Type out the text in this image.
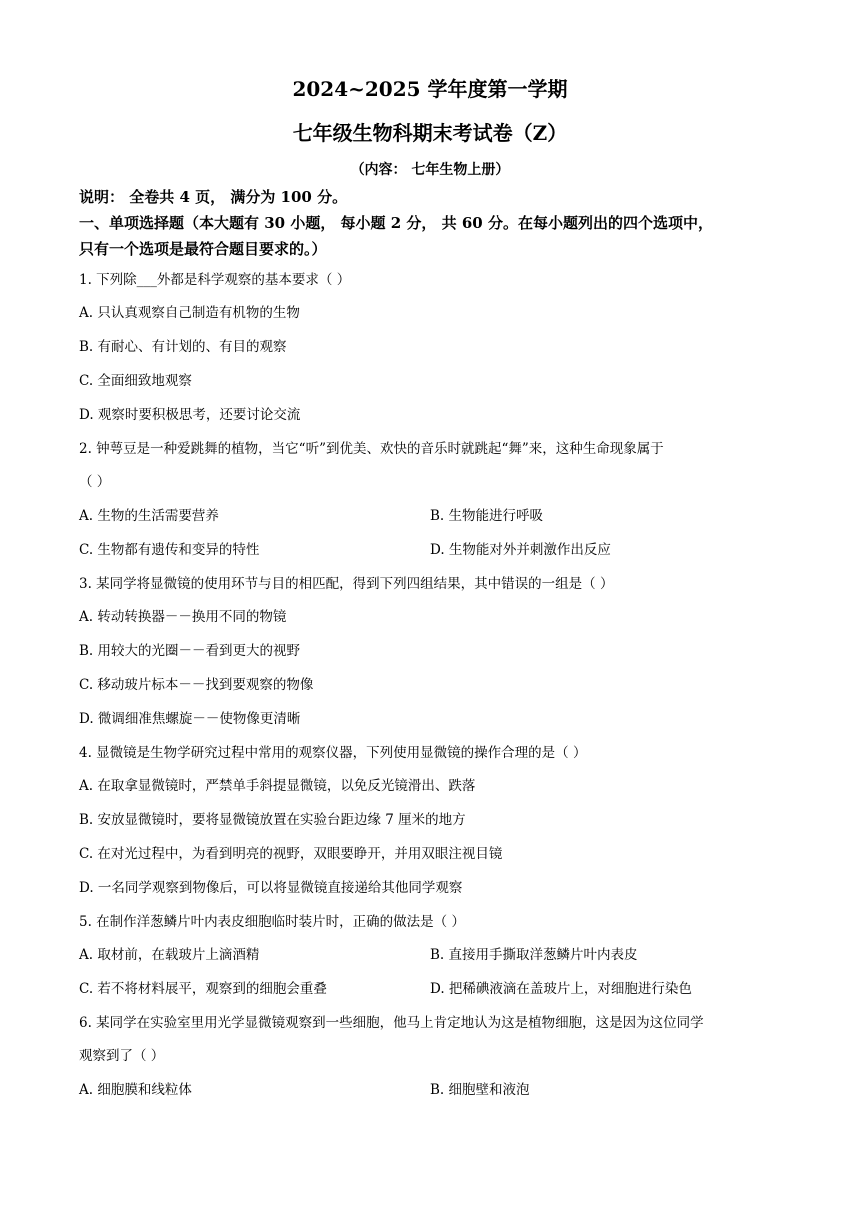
2024~2025 学年度第一学期
七年级生物科期末考试卷（Z）
（内容： 七年生物上册）
说明： 全卷共 4 页， 满分为 100 分。
一、单项选择题（本大题有 30 小题， 每小题 2 分， 共 60 分。在每小题列出的四个选项中，
只有一个选项是最符合题目要求的。）
1. 下列除___外都是科学观察的基本要求（ ）
A. 只认真观察自己制造有机物的生物
B. 有耐心、有计划的、有目的观察
C. 全面细致地观察
D. 观察时要积极思考，还要讨论交流
2. 钟萼豆是一种爱跳舞的植物，当它“听”到优美、欢快的音乐时就跳起“舞”来，这种生命现象属于
（ ）
A. 生物的生活需要营养	B. 生物能进行呼吸
C. 生物都有遗传和变异的特性	D. 生物能对外并刺激作出反应
3. 某同学将显微镜的使用环节与目的相匹配，得到下列四组结果，其中错误的一组是（ ）
A. 转动转换器－－换用不同的物镜
B. 用较大的光圈－－看到更大的视野
C. 移动玻片标本－－找到要观察的物像
D. 微调细准焦螺旋－－使物像更清晰
4. 显微镜是生物学研究过程中常用的观察仪器，下列使用显微镜的操作合理的是（ ）
A. 在取拿显微镜时，严禁单手斜提显微镜，以免反光镜滑出、跌落
B. 安放显微镜时，要将显微镜放置在实验台距边缘 7 厘米的地方
C. 在对光过程中，为看到明亮的视野，双眼要睁开，并用双眼注视目镜
D. 一名同学观察到物像后，可以将显微镜直接递给其他同学观察
5. 在制作洋葱鳞片叶内表皮细胞临时装片时，正确的做法是（ ）
A. 取材前，在载玻片上滴酒精	B. 直接用手撕取洋葱鳞片叶内表皮
C. 若不将材料展平，观察到的细胞会重叠	D. 把稀碘液滴在盖玻片上，对细胞进行染色
6. 某同学在实验室里用光学显微镜观察到一些细胞，他马上肯定地认为这是植物细胞，这是因为这位同学
观察到了（ ）
A. 细胞膜和线粒体	B. 细胞壁和液泡
